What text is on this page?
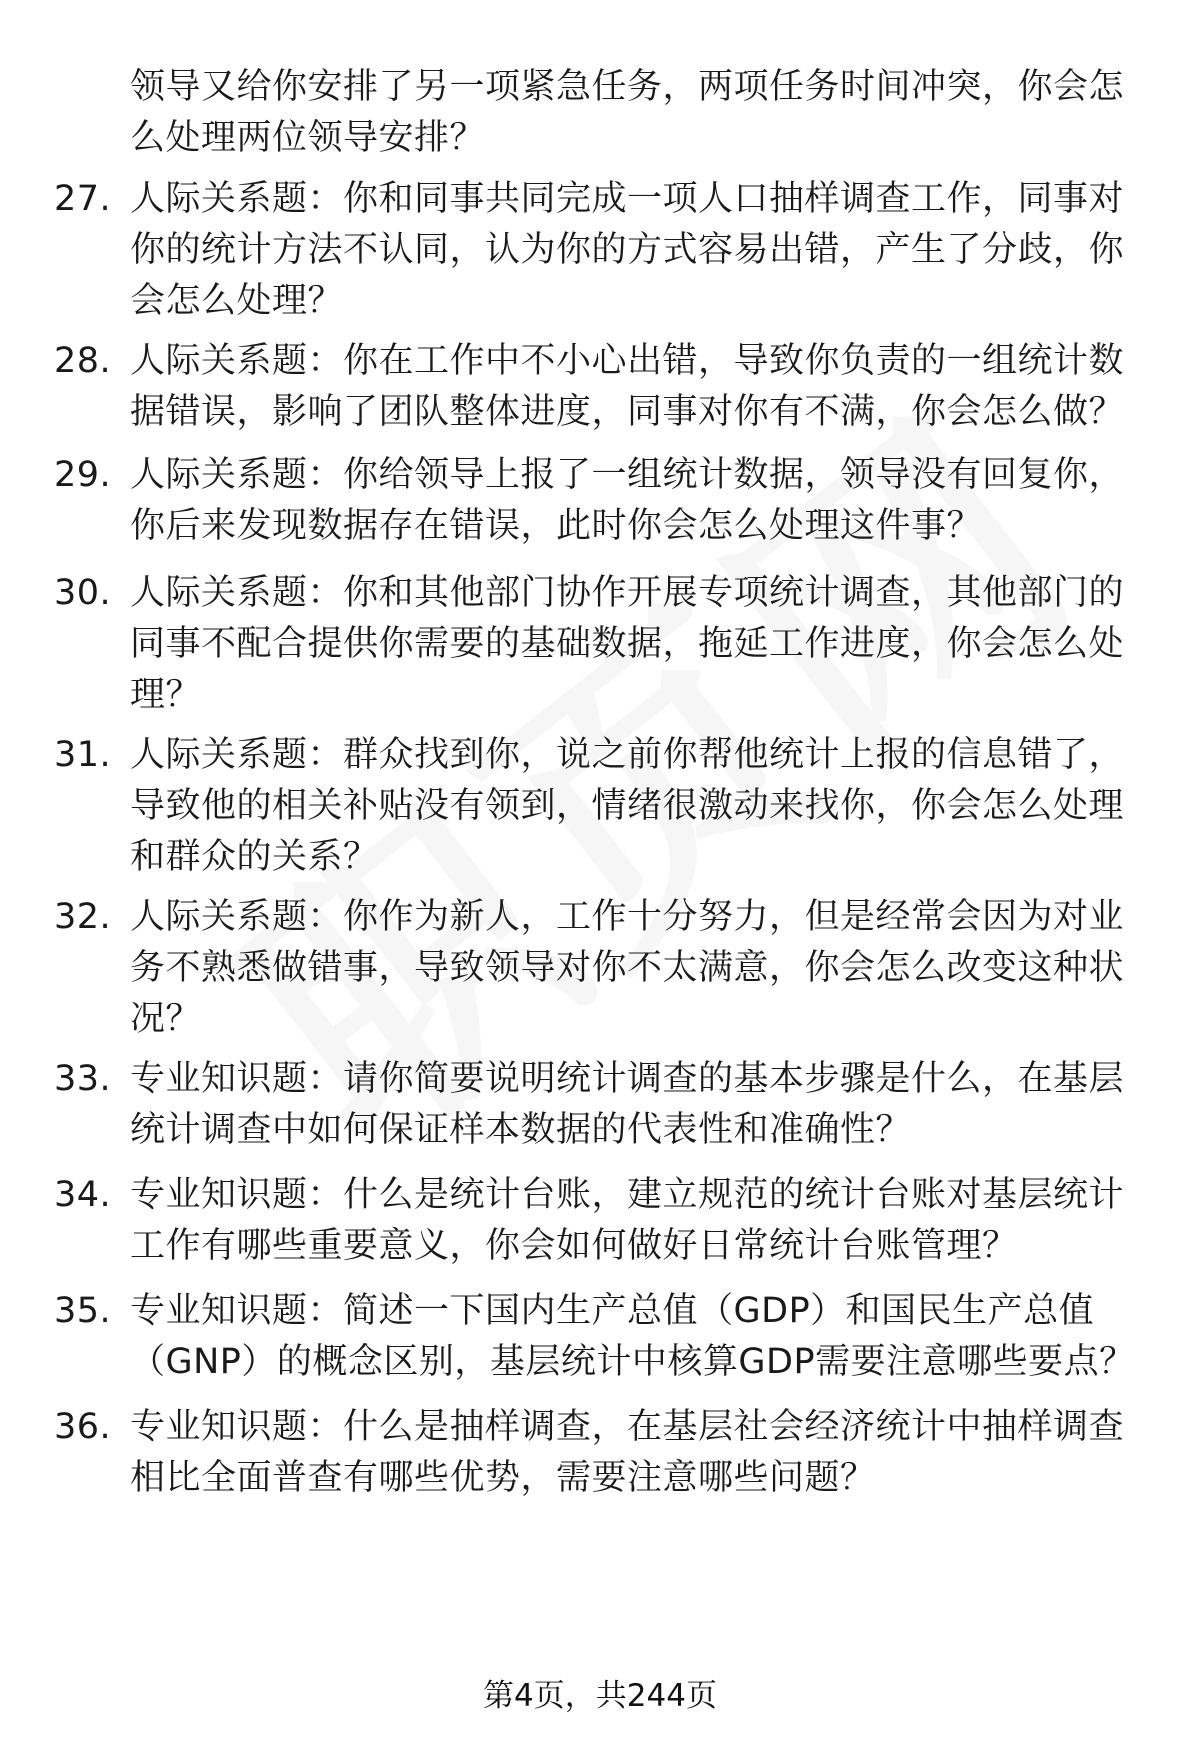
领导又给你安排了另一项紧急任务，两项任务时间冲突，你会怎么处理两位领导安排？
27. 人际关系题：你和同事共同完成一项人口抽样调查工作，同事对你的统计方法不认同，认为你的方式容易出错，产生了分歧，你会怎么处理？
28. 人际关系题：你在工作中不小心出错，导致你负责的一组统计数据错误，影响了团队整体进度，同事对你有不满，你会怎么做？
29. 人际关系题：你给领导上报了一组统计数据，领导没有回复你，你后来发现数据存在错误，此时你会怎么处理这件事？
30. 人际关系题：你和其他部门协作开展专项统计调查，其他部门的同事不配合提供你需要的基础数据，拖延工作进度，你会怎么处理？
31. 人际关系题：群众找到你，说之前你帮他统计上报的信息错了，导致他的相关补贴没有领到，情绪很激动来找你，你会怎么处理和群众的关系？
32. 人际关系题：你作为新人，工作十分努力，但是经常会因为对业务不熟悉做错事，导致领导对你不太满意，你会怎么改变这种状况？
33. 专业知识题：请你简要说明统计调查的基本步骤是什么，在基层统计调查中如何保证样本数据的代表性和准确性？
34. 专业知识题：什么是统计台账，建立规范的统计台账对基层统计工作有哪些重要意义，你会如何做好日常统计台账管理？
35. 专业知识题：简述一下国内生产总值（GDP）和国民生产总值（GNP）的概念区别，基层统计中核算GDP需要注意哪些要点？
36. 专业知识题：什么是抽样调查，在基层社会经济统计中抽样调查相比全面普查有哪些优势，需要注意哪些问题？
第4页，共244页
